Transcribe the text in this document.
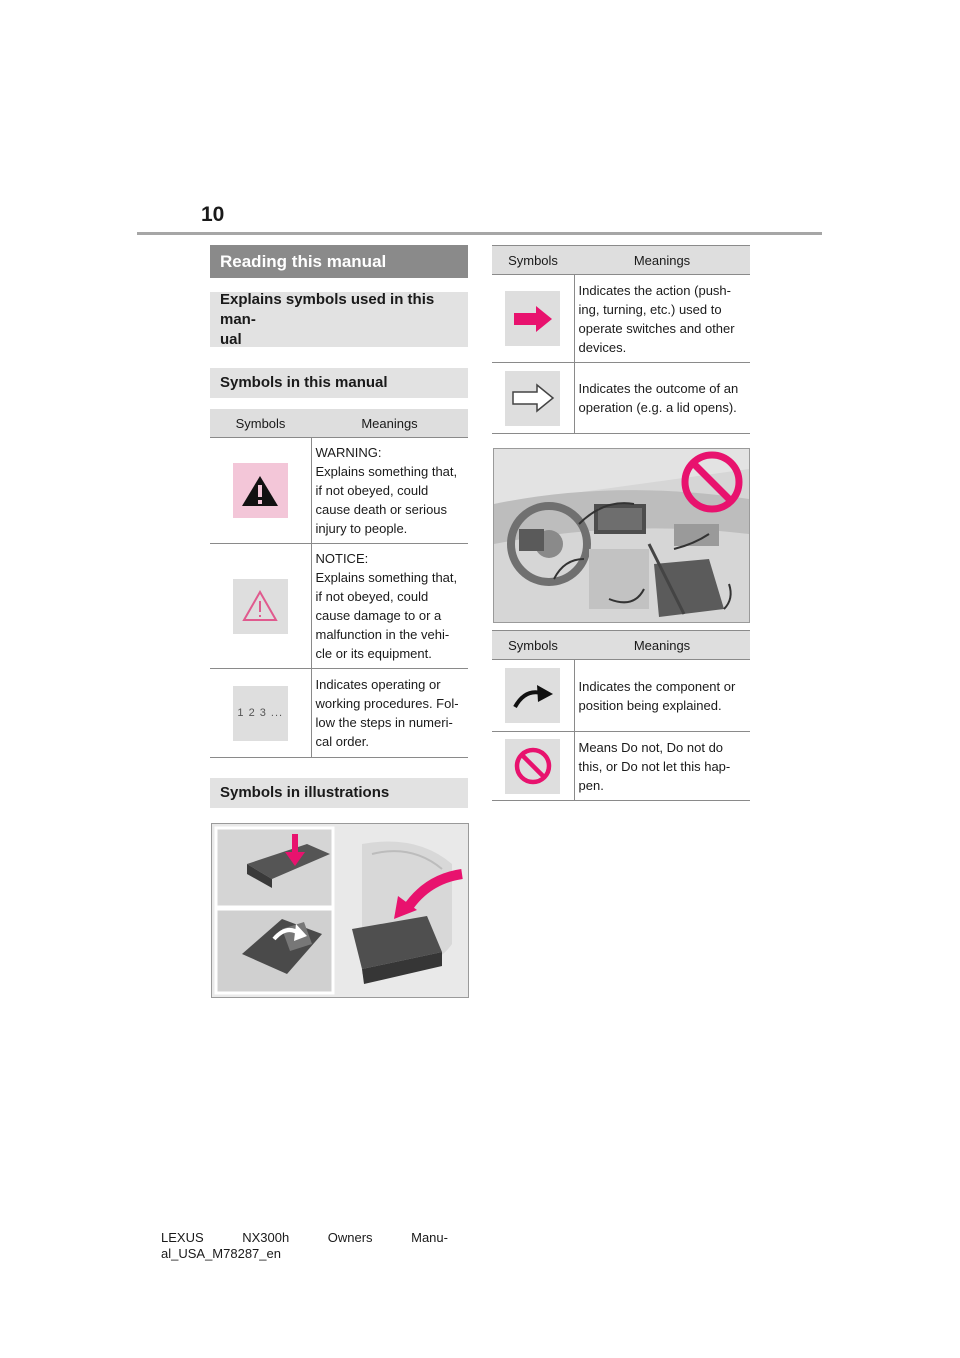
10
Reading this manual
Explains symbols used in this man-
ual
Symbols in this manual
Symbols	Meanings

WARNING:
Explains something that, if not obeyed, could cause death or serious injury to people.

NOTICE:
Explains something that, if not obeyed, could cause damage to or a malfunction in the vehi-cle or its equipment.

1 2 3 ...	Indicates operating or working procedures. Fol-low the steps in numeri-cal order.
Symbols in illustrations
Symbols	Meanings

	Indicates the action (push-ing, turning, etc.) used to operate switches and other devices.

	Indicates the outcome of an operation (e.g. a lid opens).
Symbols	Meanings

	Indicates the component or position being explained.

	Means Do not, Do not do this, or Do not let this hap-pen.
LEXUS	NX300h	Owners	Manu-
al_USA_M78287_en
